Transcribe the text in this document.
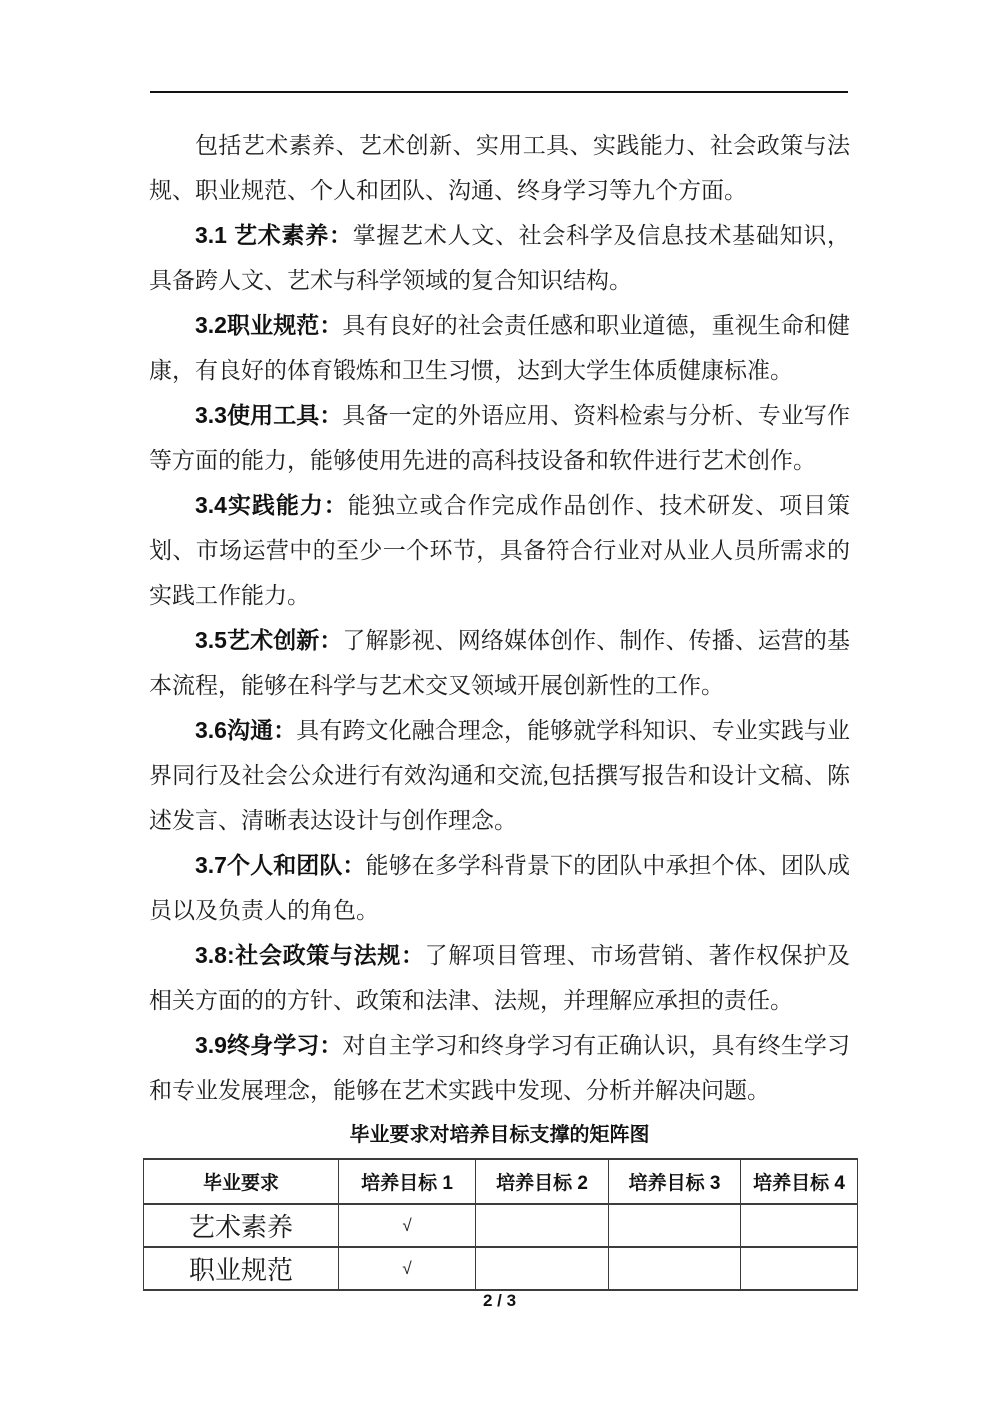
包括艺术素养、艺术创新、实用工具、实践能力、社会政策与法规、职业规范、个人和团队、沟通、终身学习等九个方面。

3.1 艺术素养：掌握艺术人文、社会科学及信息技术基础知识，具备跨人文、艺术与科学领域的复合知识结构。

3.2职业规范：具有良好的社会责任感和职业道德，重视生命和健康，有良好的体育锻炼和卫生习惯，达到大学生体质健康标准。

3.3使用工具：具备一定的外语应用、资料检索与分析、专业写作等方面的能力，能够使用先进的高科技设备和软件进行艺术创作。

3.4实践能力：能独立或合作完成作品创作、技术研发、项目策划、市场运营中的至少一个环节，具备符合行业对从业人员所需求的实践工作能力。

3.5艺术创新：了解影视、网络媒体创作、制作、传播、运营的基本流程，能够在科学与艺术交叉领域开展创新性的工作。

3.6沟通：具有跨文化融合理念，能够就学科知识、专业实践与业界同行及社会公众进行有效沟通和交流,包括撰写报告和设计文稿、陈述发言、清晰表达设计与创作理念。

3.7个人和团队：能够在多学科背景下的团队中承担个体、团队成员以及负责人的角色。

3.8:社会政策与法规：了解项目管理、市场营销、著作权保护及相关方面的的方针、政策和法津、法规，并理解应承担的责任。

3.9终身学习：对自主学习和终身学习有正确认识，具有终生学习和专业发展理念，能够在艺术实践中发现、分析并解决问题。

毕业要求对培养目标支撑的矩阵图
毕业要求	培养目标 1	培养目标 2	培养目标 3	培养目标 4
艺术素养	√			
职业规范	√			
2 / 3
